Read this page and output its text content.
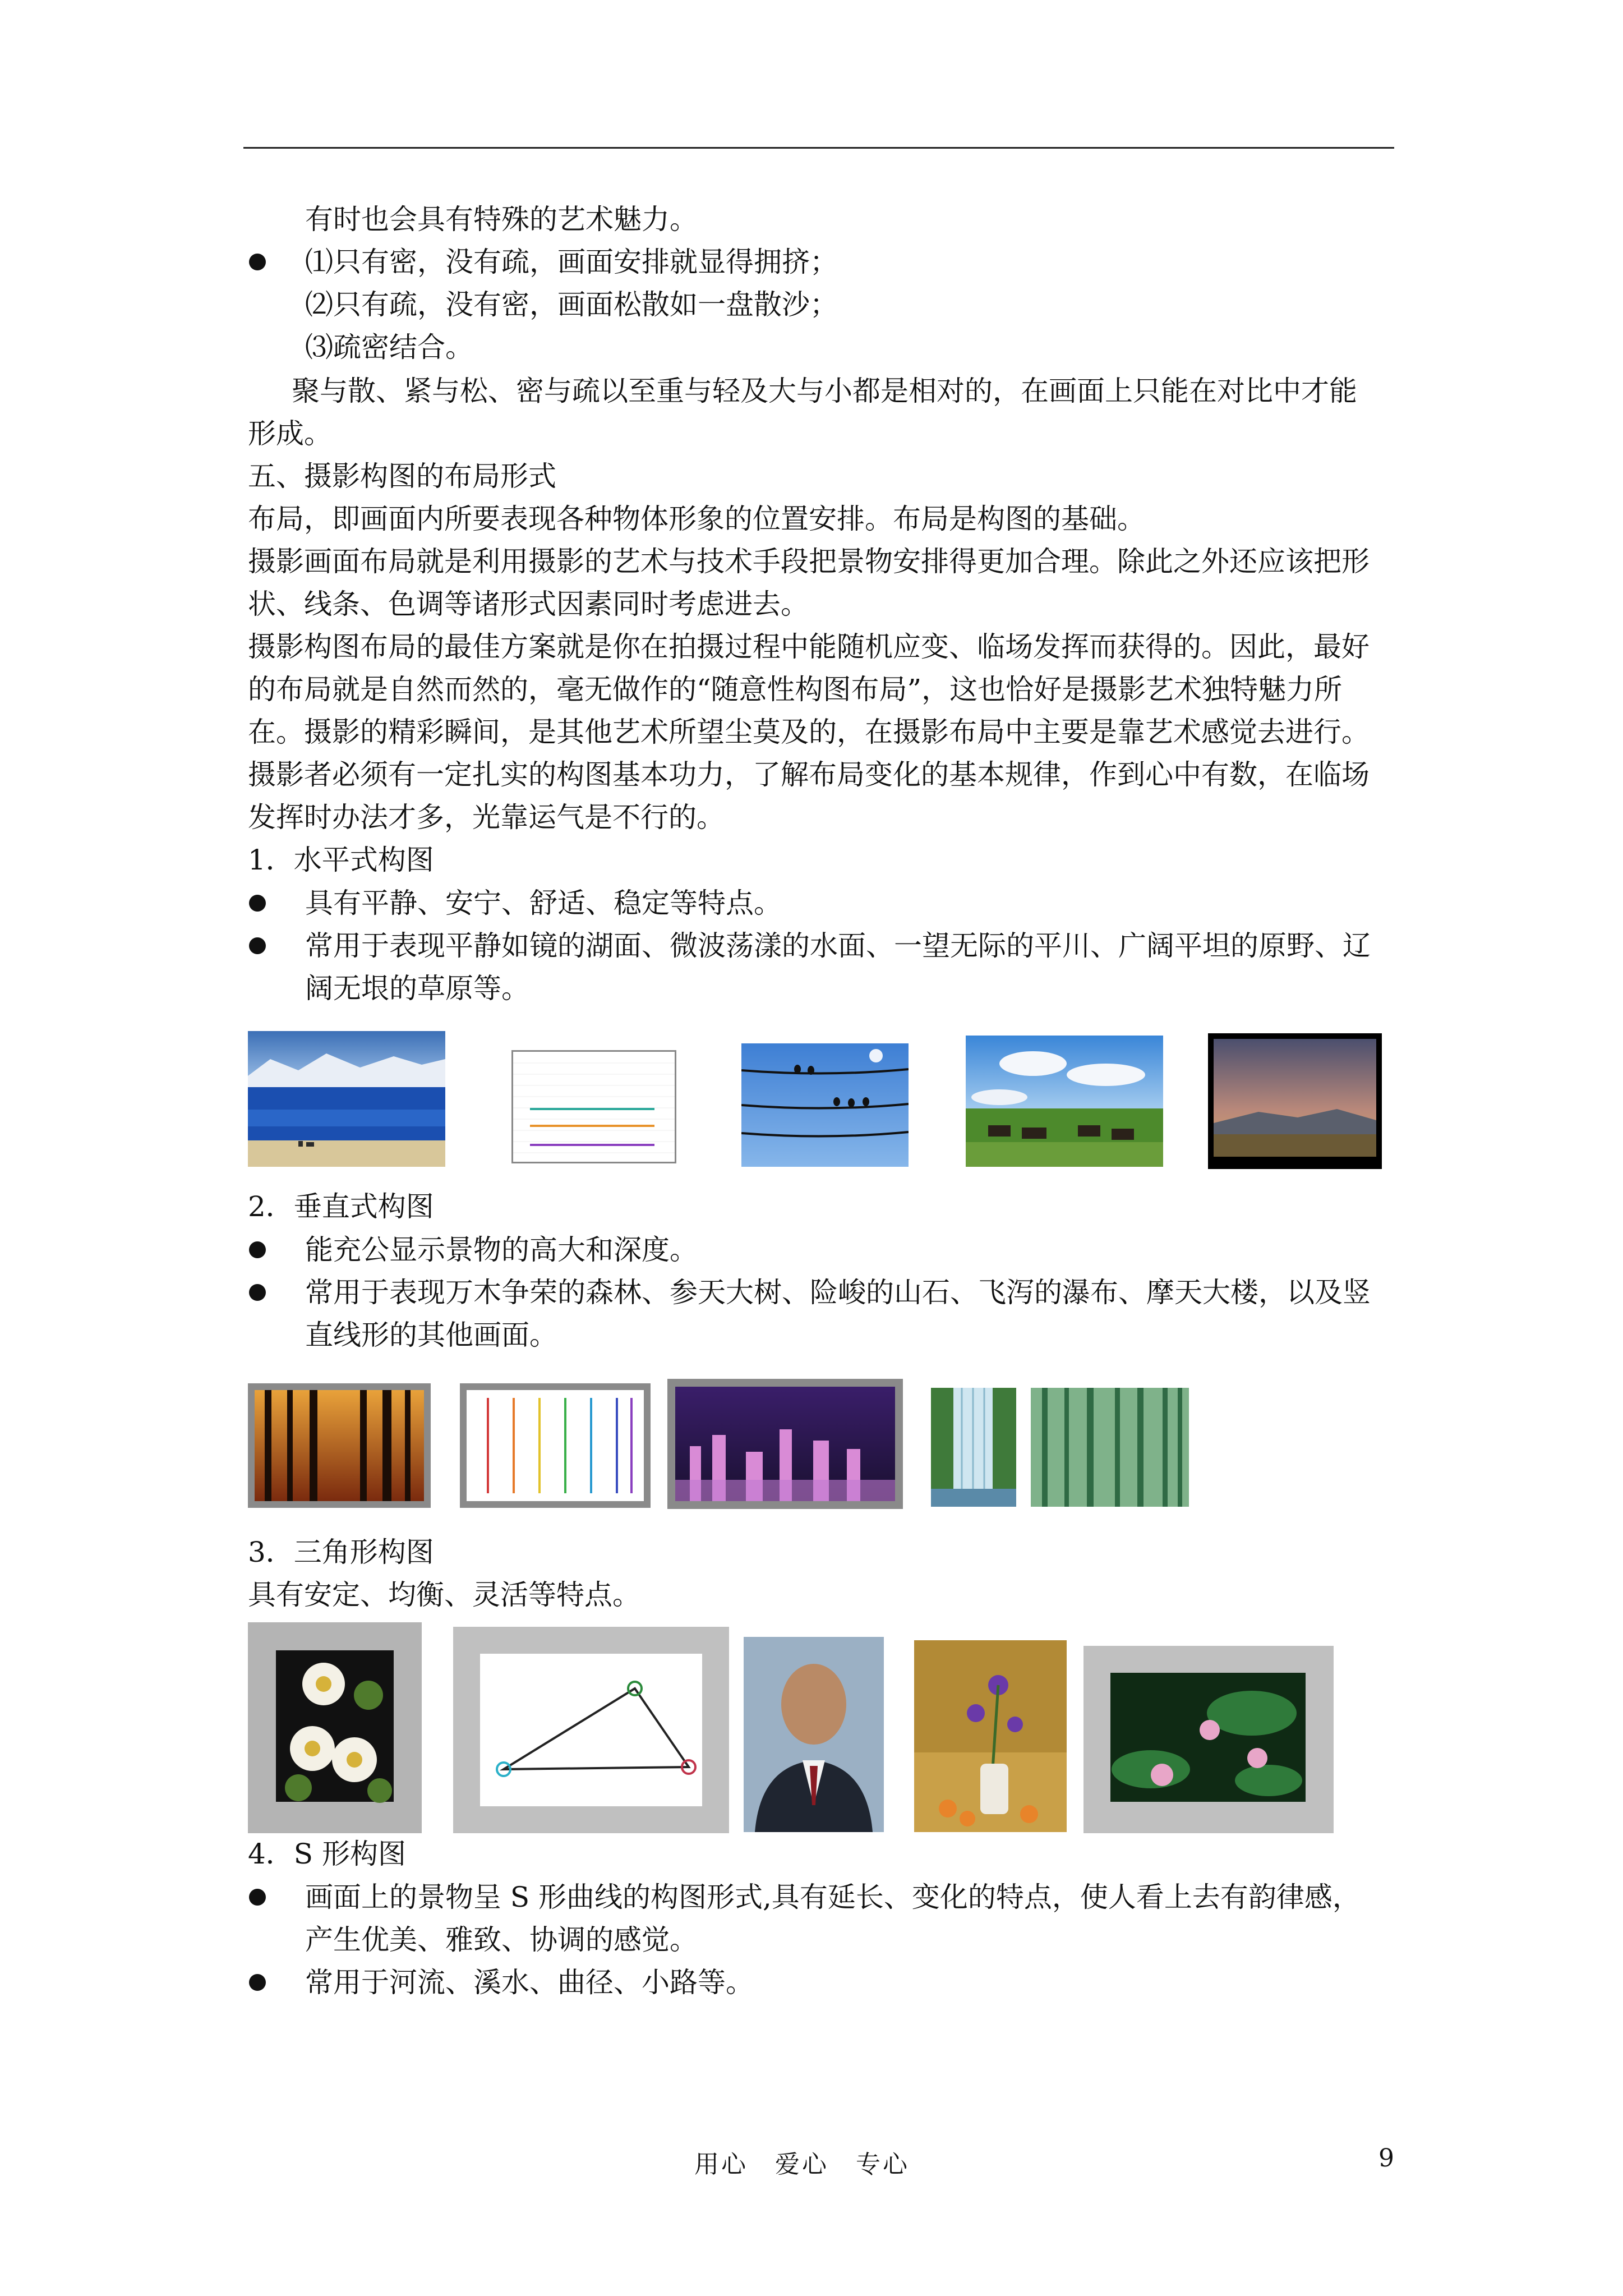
有时也会具有特殊的艺术魅力。
⑴只有密，没有疏，画面安排就显得拥挤；
⑵只有疏，没有密，画面松散如一盘散沙；
⑶疏密结合。
聚与散、紧与松、密与疏以至重与轻及大与小都是相对的，在画面上只能在对比中才能
形成。
五、摄影构图的布局形式
布局，即画面内所要表现各种物体形象的位置安排。布局是构图的基础。
摄影画面布局就是利用摄影的艺术与技术手段把景物安排得更加合理。除此之外还应该把形
状、线条、色调等诸形式因素同时考虑进去。
摄影构图布局的最佳方案就是你在拍摄过程中能随机应变、临场发挥而获得的。因此，最好
的布局就是自然而然的，毫无做作的“随意性构图布局”，这也恰好是摄影艺术独特魅力所
在。摄影的精彩瞬间，是其他艺术所望尘莫及的，在摄影布局中主要是靠艺术感觉去进行。
摄影者必须有一定扎实的构图基本功力，了解布局变化的基本规律，作到心中有数，在临场
发挥时办法才多，光靠运气是不行的。
1．水平式构图
具有平静、安宁、舒适、稳定等特点。
常用于表现平静如镜的湖面、微波荡漾的水面、一望无际的平川、广阔平坦的原野、辽
阔无垠的草原等。
2．垂直式构图
能充公显示景物的高大和深度。
常用于表现万木争荣的森林、参天大树、险峻的山石、飞泻的瀑布、摩天大楼，以及竖
直线形的其他画面。
3．三角形构图
具有安定、均衡、灵活等特点。
4．S 形构图
画面上的景物呈 S 形曲线的构图形式,具有延长、变化的特点，使人看上去有韵律感，
产生优美、雅致、协调的感觉。
常用于河流、溪水、曲径、小路等。
用心　爱心　专心	9
